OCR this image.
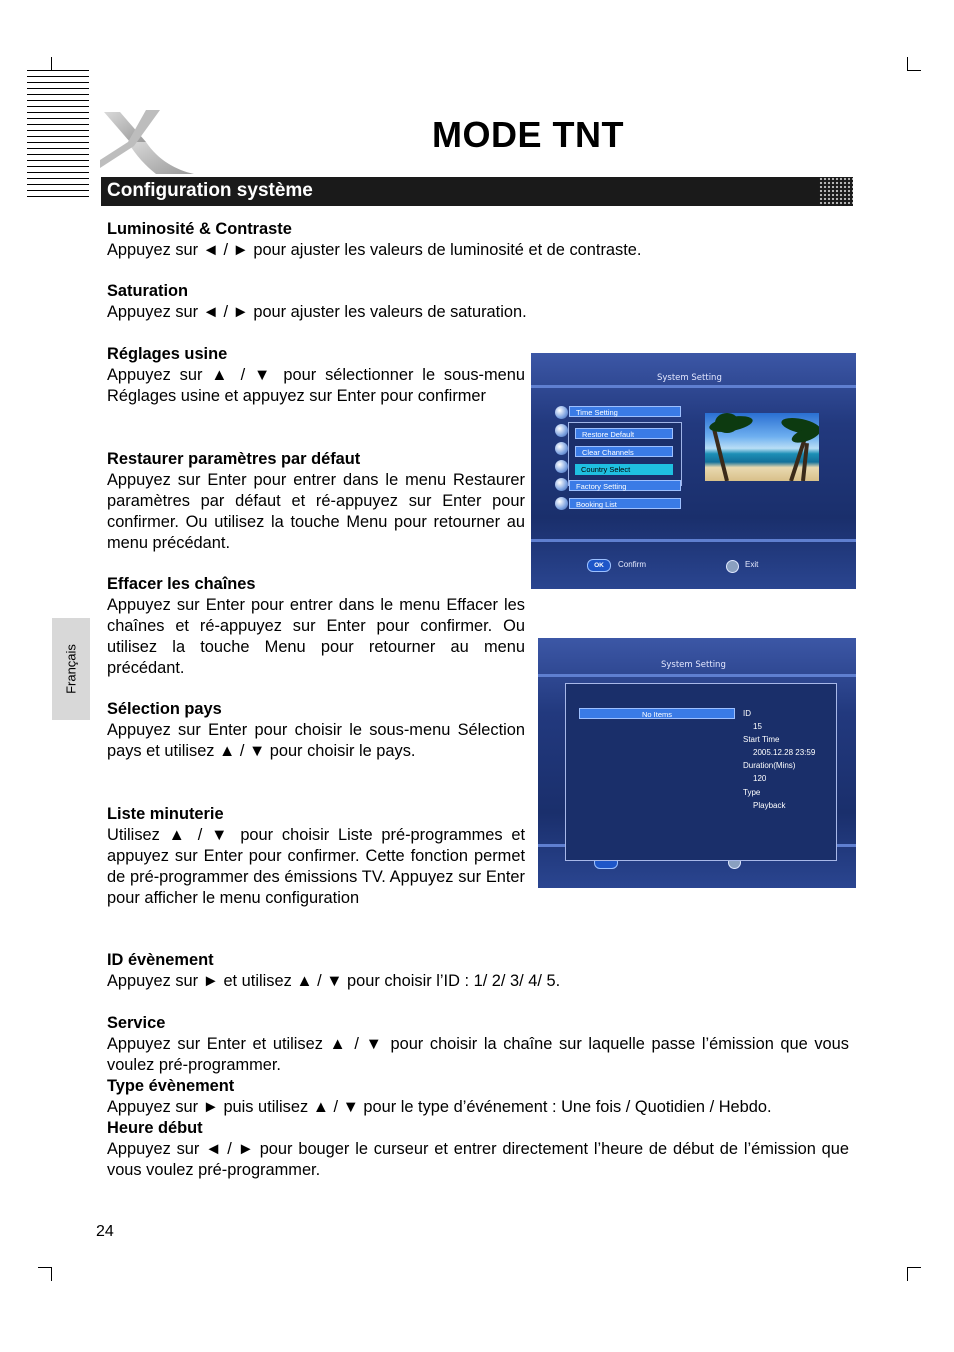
MODE TNT
Configuration système
Luminosité & Contraste

Appuyez sur ◄ / ► pour ajuster les valeurs de luminosité et de contraste.

Saturation

Appuyez sur ◄ / ► pour ajuster les valeurs de saturation.

Réglages usine

Appuyez sur ▲ / ▼ pour sélectionner le sous-menu Réglages usine et appuyez sur Enter pour confirmer

Restaurer paramètres par défaut

Appuyez sur Enter pour entrer dans le menu Restaurer paramètres par défaut et ré-appuyez sur Enter pour confirmer. Ou utilisez la touche Menu pour retourner au menu précédant.

Effacer les chaînes

Appuyez sur Enter pour entrer dans le menu Effacer les chaînes et ré-appuyez sur Enter pour confirmer. Ou utilisez la touche Menu pour retourner au menu précédant.

Sélection pays

Appuyez sur Enter pour choisir le sous-menu Sélection pays et utilisez ▲ / ▼ pour choisir le pays.

Liste minuterie

Utilisez ▲ / ▼ pour choisir Liste pré-programmes et appuyez sur Enter pour confirmer. Cette fonction permet de pré-programmer des émissions TV. Appuyez sur Enter pour afficher le menu configuration

ID évènement

Appuyez sur ► et utilisez ▲ / ▼ pour choisir l’ID : 1/ 2/ 3/ 4/ 5.

Service

Appuyez sur Enter et utilisez ▲ / ▼ pour choisir la chaîne sur laquelle passe l’émission que vous voulez pré-programmer.

Type évènement

Appuyez sur ► puis utilisez ▲ / ▼ pour le type d’événement : Une fois / Quotidien / Hebdo.

Heure début

Appuyez sur ◄ / ► pour bouger le curseur et entrer directement l’heure de début de l’émission que vous voulez pré-programmer.

Français
24
System Setting
Time Setting
Restore Default
Clear Channels
Country Select
Factory Setting
Booking List
OK	Confirm	Exit
System Setting
No Items	ID
15
Start Time
2005.12.28 23:59
Duration(Mins)
120
Type
Playback
